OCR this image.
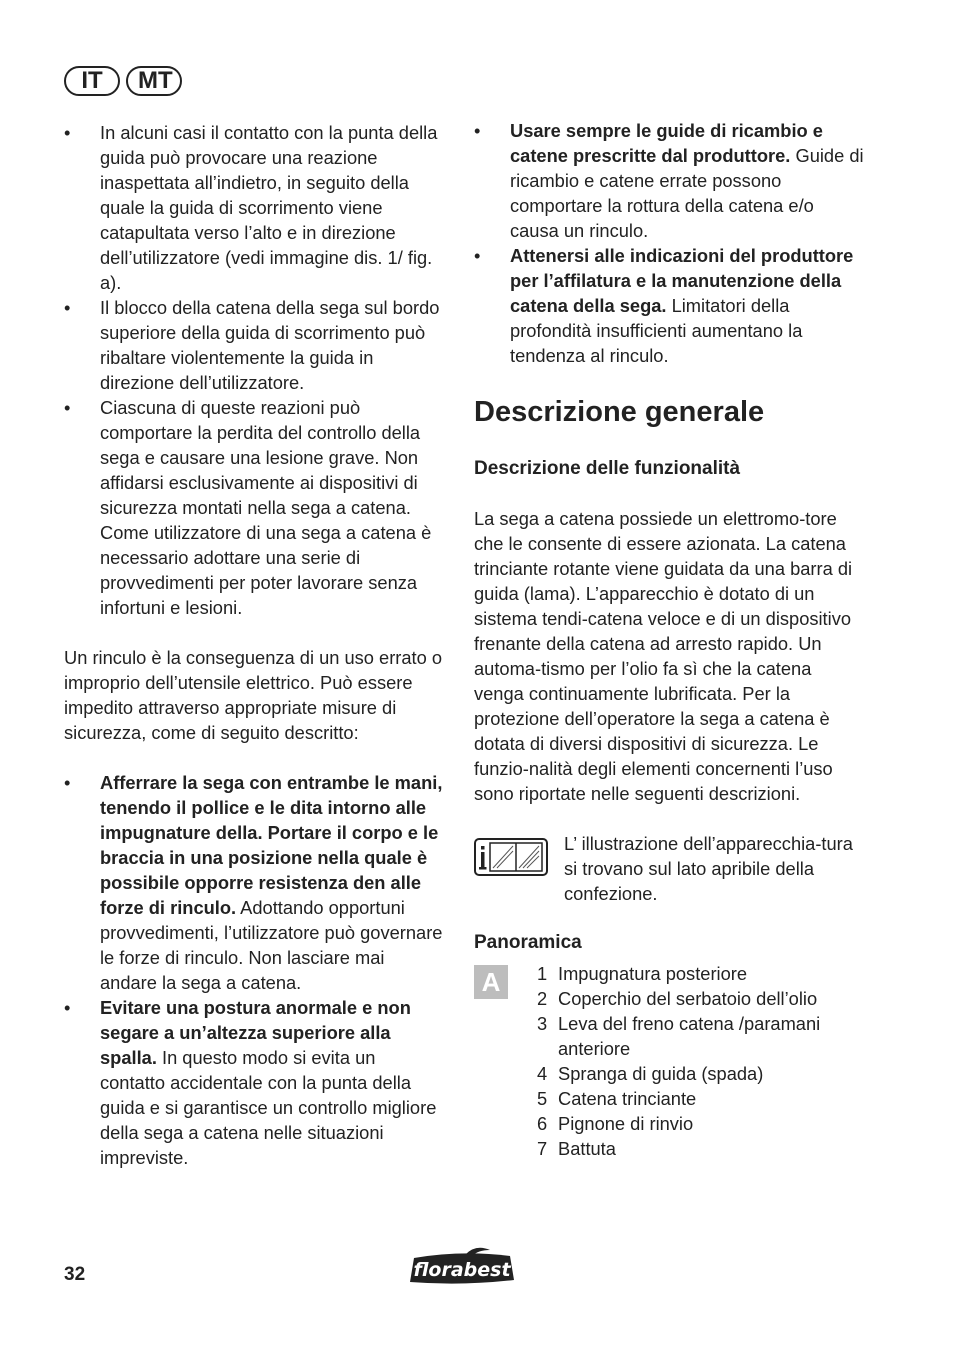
IT	MT
• In alcuni casi il contatto con la punta della guida può provocare una reazione inaspettata all’indietro, in seguito della quale la guida di scorrimento viene catapultata verso l’alto e in direzione dell’utilizzatore (vedi immagine dis. 1/ fig. a).
• Il blocco della catena della sega sul bordo superiore della guida di scorrimento può ribaltare violentemente la guida in direzione dell’utilizzatore.
• Ciascuna di queste reazioni può comportare la perdita del controllo della sega e causare una lesione grave. Non affidarsi esclusivamente ai dispositivi di sicurezza montati nella sega a catena. Come utilizzatore di una sega a catena è necessario adottare una serie di provvedimenti per poter lavorare senza infortuni e lesioni.

Un rinculo è la conseguenza di un uso errato o improprio dell’utensile elettrico. Può essere impedito attraverso appropriate misure di sicurezza, come di seguito descritto:

• Afferrare la sega con entrambe le mani, tenendo il pollice e le dita intorno alle impugnature della. Portare il corpo e le braccia in una posizione nella quale è possibile opporre resistenza den alle forze di rinculo. Adottando opportuni provvedimenti, l’utilizzatore può governare le forze di rinculo. Non lasciare mai andare la sega a catena.
• Evitare una postura anormale e non segare a un’altezza superiore alla spalla. In questo modo si evita un contatto accidentale con la punta della guida e si garantisce un controllo migliore della sega a catena nelle situazioni impreviste.
• Usare sempre le guide di ricambio e catene prescritte dal produttore. Guide di ricambio e catene errate possono comportare la rottura della catena e/o causa un rinculo.
• Attenersi alle indicazioni del produttore per l’affilatura e la manutenzione della catena della sega. Limitatori della profondità insufficienti aumentano la tendenza al rinculo.
Descrizione generale
Descrizione delle funzionalità

La sega a catena possiede un elettromo-tore che le consente di essere azionata. La catena trinciante rotante viene guidata da una barra di guida (lama). L’apparecchio è dotato di un sistema tendi-catena veloce e di un dispositivo frenante della catena ad arresto rapido. Un automa-tismo per l’olio fa sì che la catena venga continuamente lubrificata. Per la protezione dell’operatore la sega a catena è dotata di diversi dispositivi di sicurezza. Le funzio-nalità degli elementi concernenti l’uso sono riportate nelle seguenti descrizioni.

L’ illustrazione dell’apparecchia-tura si trovano sul lato apribile della confezione.

Panoramica
A	1 Impugnatura posteriore
2 Coperchio del serbatoio dell’olio
3 Leva del freno catena /paramani anteriore
4 Spranga di guida (spada)
5 Catena trinciante
6 Pignone di rinvio
7 Battuta
32	florabest
